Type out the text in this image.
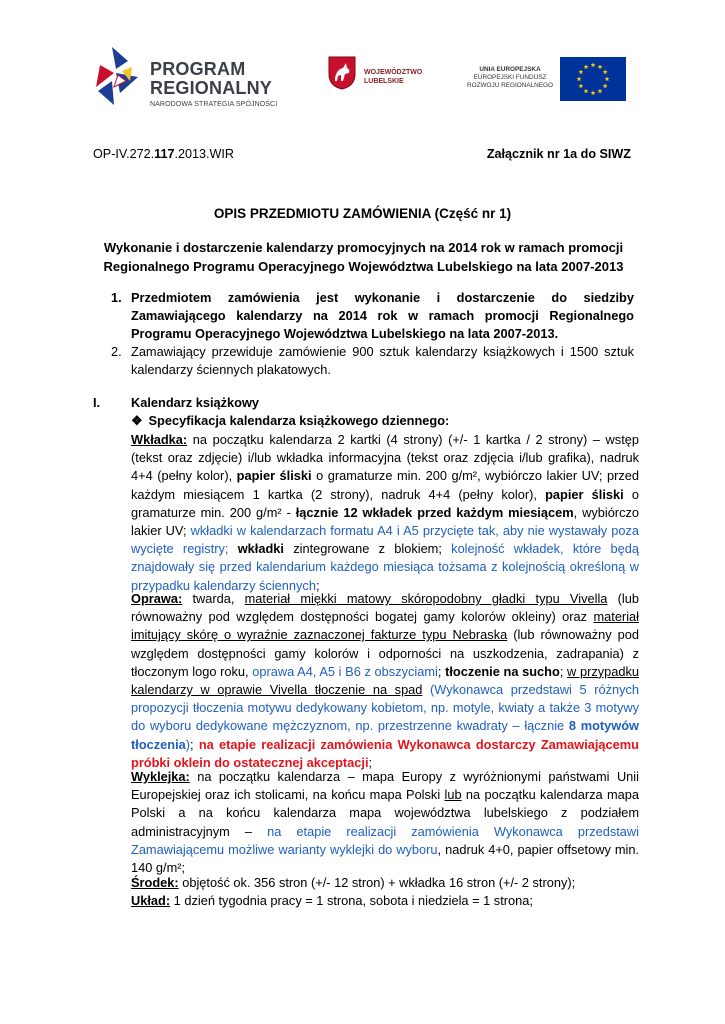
PROGRAM
REGIONALNY
NARODOWA STRATEGIA SPÓJNOŚCI
WOJEWÓDZTWO
LUBELSKIE
UNIA EUROPEJSKA
EUROPEJSKI FUNDUSZ
ROZWOJU REGIONALNEGO
OP-IV.272.117.2013.WIR	Załącznik nr 1a do SIWZ
OPIS PRZEDMIOTU ZAMÓWIENIA (Część nr 1)
Wykonanie i dostarczenie kalendarzy promocyjnych na 2014 rok w ramach promocji Regionalnego Programu Operacyjnego Województwa Lubelskiego na lata 2007-2013
1. Przedmiotem zamówienia jest wykonanie i dostarczenie do siedziby Zamawiającego kalendarzy na 2014 rok w ramach promocji Regionalnego Programu Operacyjnego Województwa Lubelskiego na lata 2007-2013.
2. Zamawiający przewiduje zamówienie 900 sztuk kalendarzy książkowych i 1500 sztuk kalendarzy ściennych plakatowych.
I. Kalendarz książkowy
❖ Specyfikacja kalendarza książkowego dziennego:
Wkładka: na początku kalendarza 2 kartki (4 strony) (+/- 1 kartka / 2 strony) – wstęp (tekst oraz zdjęcie) i/lub wkładka informacyjna (tekst oraz zdjęcia i/lub grafika), nadruk 4+4 (pełny kolor), papier śliski o gramaturze min. 200 g/m², wybiórczo lakier UV; przed każdym miesiącem 1 kartka (2 strony), nadruk 4+4 (pełny kolor), papier śliski o gramaturze min. 200 g/m² - łącznie 12 wkładek przed każdym miesiącem, wybiórczo lakier UV; wkładki w kalendarzach formatu A4 i A5 przycięte tak, aby nie wystawały poza wycięte registry; wkładki zintegrowane z blokiem; kolejność wkładek, które będą znajdowały się przed kalendarium każdego miesiąca tożsama z kolejnością określoną w przypadku kalendarzy ściennych;
Oprawa: twarda, materiał miękki matowy skóropodobny gładki typu Vivella (lub równoważny pod względem dostępności bogatej gamy kolorów okleiny) oraz materiał imitujący skórę o wyraźnie zaznaczonej fakturze typu Nebraska (lub równoważny pod względem dostępności gamy kolorów i odporności na uszkodzenia, zadrapania) z tłoczonym logo roku, oprawa A4, A5 i B6 z obszyciami; tłoczenie na sucho; w przypadku kalendarzy w oprawie Vivella tłoczenie na spad (Wykonawca przedstawi 5 różnych propozycji tłoczenia motywu dedykowany kobietom, np. motyle, kwiaty a także 3 motywy do wyboru dedykowane mężczyznom, np. przestrzenne kwadraty – łącznie 8 motywów tłoczenia); na etapie realizacji zamówienia Wykonawca dostarczy Zamawiającemu próbki oklein do ostatecznej akceptacji;
Wyklejka: na początku kalendarza – mapa Europy z wyróżnionymi państwami Unii Europejskiej oraz ich stolicami, na końcu mapa Polski lub na początku kalendarza mapa Polski a na końcu kalendarza mapa województwa lubelskiego z podziałem administracyjnym – na etapie realizacji zamówienia Wykonawca przedstawi Zamawiającemu możliwe warianty wyklejki do wyboru, nadruk 4+0, papier offsetowy min. 140 g/m²;
Środek: objętość ok. 356 stron (+/- 12 stron) + wkładka 16 stron (+/- 2 strony);
Układ: 1 dzień tygodnia pracy = 1 strona, sobota i niedziela = 1 strona;
